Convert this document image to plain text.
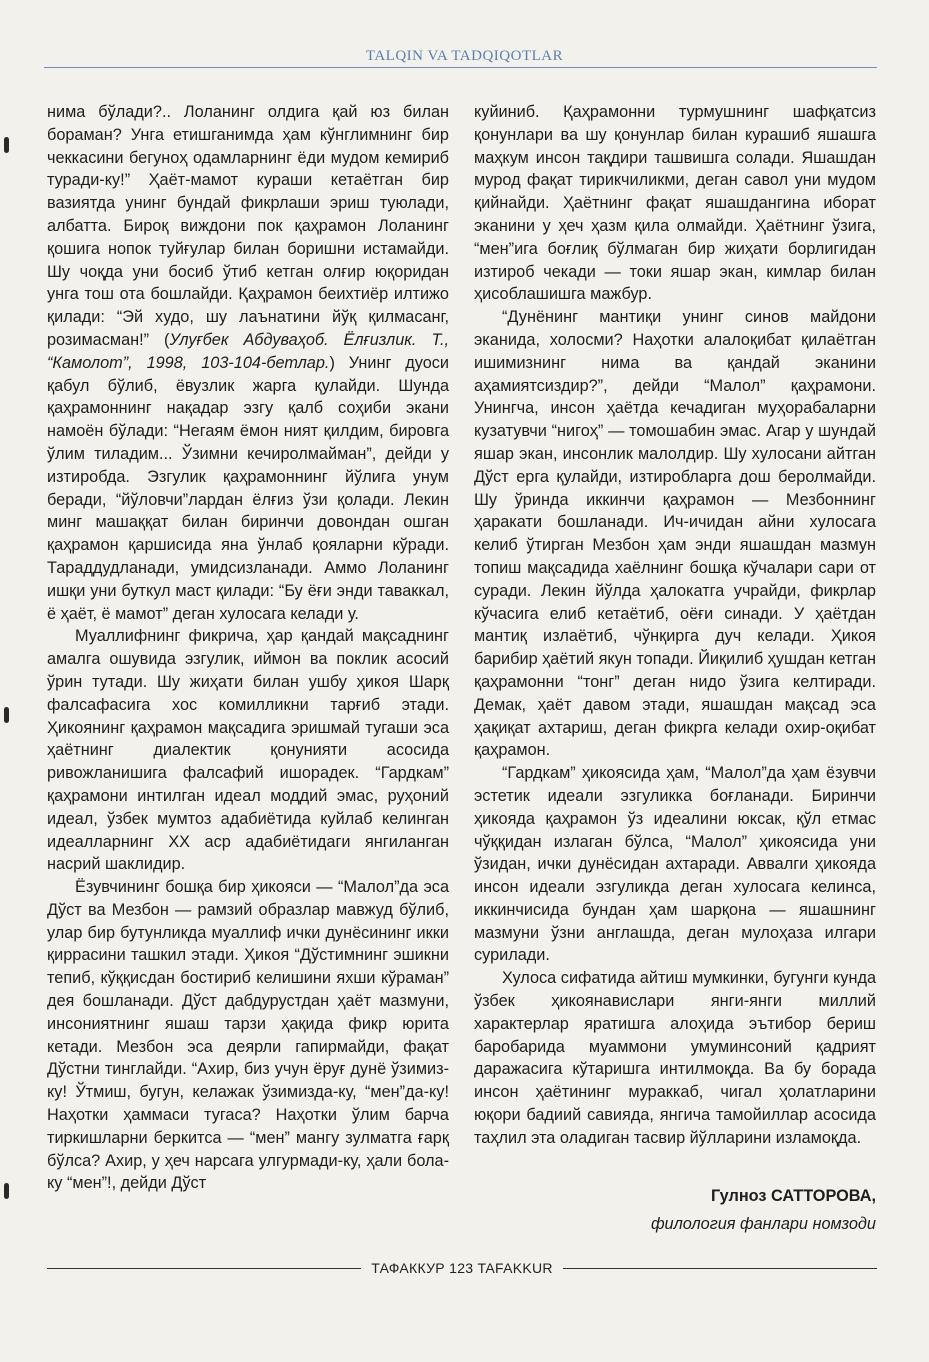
TALQIN VA TADQIQOTLAR

нима бўлади?.. Лоланинг олдига қай юз билан бораман? Унга етишганимда ҳам кўнглимнинг бир чеккасини бегуноҳ одамларнинг ёди мудом кемириб туради-ку!” Ҳаёт-мамот кураши кетаётган бир вазиятда унинг бундай фикрлаши эриш туюлади, албатта. Бироқ виждони пок қаҳрамон Лоланинг қошига нопок туйғулар билан боришни истамайди. Шу чоқда уни босиб ўтиб кетган олғир юқоридан унга тош ота бошлайди. Қаҳрамон беихтиёр илтижо қилади: “Эй худо, шу лаънатини йўқ қилмасанг, розимасман!” (Улуғбек Абдуваҳоб. Ёлғизлик. Т., “Камолот”, 1998, 103-104-бетлар.) Унинг дуоси қабул бўлиб, ёвузлик жарга қулайди. Шунда қаҳрамоннинг нақадар эзгу қалб соҳиби экани намоён бўлади: “Негаям ёмон ният қилдим, бировга ўлим тиладим... Ўзимни кечиролмайман”, дейди у изтиробда. Эзгулик қаҳрамоннинг йўлига унум беради, “йўловчи”лардан ёлғиз ўзи қолади. Лекин минг машаққат билан биринчи довондан ошган қаҳрамон қаршисида яна ўнлаб қояларни кўради. Тараддудланади, умидсизланади. Аммо Лоланинг ишқи уни буткул маст қилади: “Бу ёғи энди таваккал, ё ҳаёт, ё мамот” деган хулосага келади у.

Муаллифнинг фикрича, ҳар қандай мақсаднинг амалга ошувида эзгулик, иймон ва поклик асосий ўрин тутади. Шу жиҳати билан ушбу ҳикоя Шарқ фалсафасига хос комилликни тарғиб этади. Ҳикоянинг қаҳрамон мақсадига эришмай тугаши эса ҳаётнинг диалектик қонунияти асосида ривожланишига фалсафий ишорадек. “Гардкам” қаҳрамони интилган идеал моддий эмас, руҳоний идеал, ўзбек мумтоз адабиётида куйлаб келинган идеалларнинг XX аср адабиётидаги янгиланган насрий шаклидир.

Ёзувчининг бошқа бир ҳикояси — “Малол”да эса Дўст ва Мезбон — рамзий образлар мавжуд бўлиб, улар бир бутунликда муаллиф ички дунёсининг икки қиррасини ташкил этади. Ҳикоя “Дўстимнинг эшикни тепиб, кўққисдан бостириб келишини яхши кўраман” дея бошланади. Дўст дабдурустдан ҳаёт мазмуни, инсониятнинг яшаш тарзи ҳақида фикр юрита кетади. Мезбон эса деярли гапирмайди, фақат Дўстни тинглайди. “Ахир, биз учун ёруғ дунё ўзимиз-ку! Ўтмиш, бугун, келажак ўзимизда-ку, “мен”да-ку! Наҳотки ҳаммаси тугаса? Наҳотки ўлим барча тиркишларни беркитса — “мен” мангу зулматга ғарқ бўлса? Ахир, у ҳеч нарсага улгурмади-ку, ҳали бола-ку “мен”!, дейди Дўст

куйиниб. Қаҳрамонни турмушнинг шафқатсиз қонунлари ва шу қонунлар билан курашиб яшашга маҳкум инсон тақдири ташвишга солади. Яшашдан мурод фақат тирикчиликми, деган савол уни мудом қийнайди. Ҳаётнинг фақат яшашдангина иборат эканини у ҳеч ҳазм қила олмайди. Ҳаётнинг ўзига, “мен”ига боғлиқ бўлмаган бир жиҳати борлигидан изтироб чекади — токи яшар экан, кимлар билан ҳисоблашишга мажбур.

“Дунёнинг мантиқи унинг синов майдони эканида, холосми? Наҳотки алалоқибат қилаётган ишимизнинг нима ва қандай эканини аҳамиятсиздир?”, дейди “Малол” қаҳрамони. Унингча, инсон ҳаётда кечадиган муҳорабаларни кузатувчи “нигоҳ” — томошабин эмас. Агар у шундай яшар экан, инсонлик малолдир. Шу хулосани айтган Дўст ерга қулайди, изтиробларга дош беролмайди. Шу ўринда иккинчи қаҳрамон — Мезбоннинг ҳаракати бошланади. Ич-ичидан айни хулосага келиб ўтирган Мезбон ҳам энди яшашдан мазмун топиш мақсадида хаёлнинг бошқа кўчалари сари от суради. Лекин йўлда ҳалокатга учрайди, фикрлар кўчасига елиб кетаётиб, оёғи синади. У ҳаётдан мантиқ излаётиб, чўнқирга дуч келади. Ҳикоя барибир ҳаётий якун топади. Йиқилиб ҳушдан кетган қаҳрамонни “тонг” деган нидо ўзига келтиради. Демак, ҳаёт давом этади, яшашдан мақсад эса ҳақиқат ахтариш, деган фикрга келади охир-оқибат қаҳрамон.

“Гардкам” ҳикоясида ҳам, “Малол”да ҳам ёзувчи эстетик идеали эзгуликка боғланади. Биринчи ҳикояда қаҳрамон ўз идеалини юксак, қўл етмас чўққидан излаган бўлса, “Малол” ҳикоясида уни ўзидан, ички дунёсидан ахтаради. Аввалги ҳикояда инсон идеали эзгуликда деган хулосага келинса, иккинчисида бундан ҳам шарқона — яшашнинг мазмуни ўзни англашда, деган мулоҳаза илгари сурилади.

Хулоса сифатида айтиш мумкинки, бугунги кунда ўзбек ҳикоянавислари янги-янги миллий характерлар яратишга алоҳида эътибор бериш баробарида муаммони умуминсоний қадрият даражасига кўтаришга интилмоқда. Ва бу борада инсон ҳаётининг мураккаб, чигал ҳолатларини юқори бадиий савияда, янгича тамойиллар асосида таҳлил эта оладиган тасвир йўлларини изламоқда.

Гулноз САТТОРОВА,
филология фанлари номзоди
ТАФАККУР 123 TAFAKKUR
